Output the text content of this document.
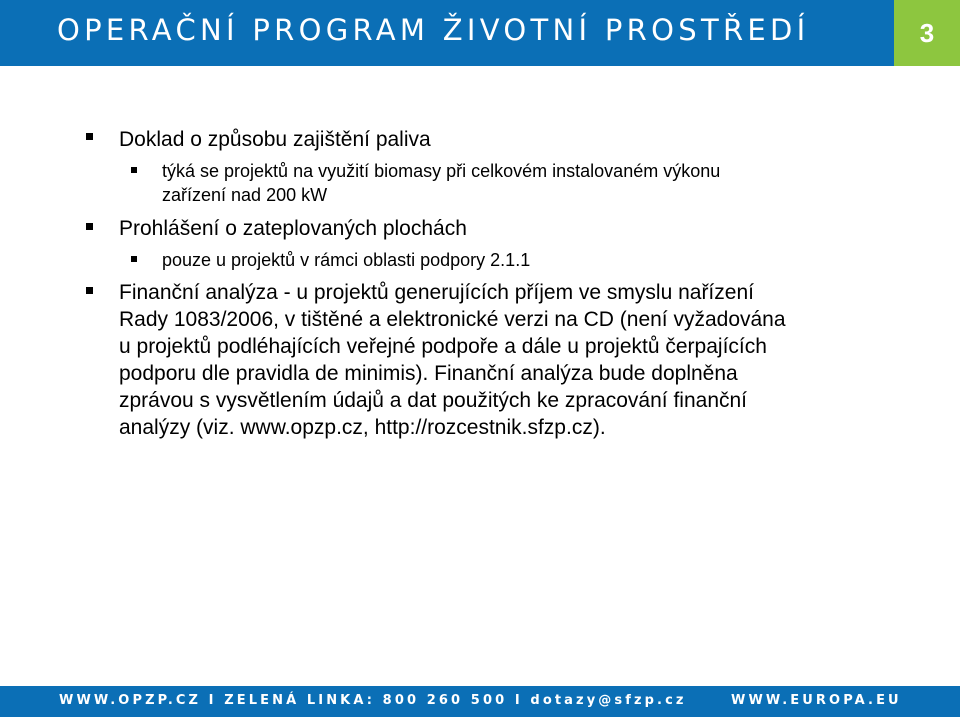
OPERAČNÍ PROGRAM ŽIVOTNÍ PROSTŘEDÍ	3
Doklad o způsobu zajištění paliva
týká se projektů na využití biomasy při celkovém instalovaném výkonu
zařízení nad 200 kW
Prohlášení o zateplovaných plochách
pouze u projektů v rámci oblasti podpory 2.1.1
Finanční analýza - u projektů generujících příjem ve smyslu nařízení
Rady 1083/2006, v tištěné a elektronické verzi na CD (není vyžadována
u projektů podléhajících veřejné podpoře a dále u projektů čerpajících
podporu dle pravidla de minimis). Finanční analýza bude doplněna
zprávou s vysvětlením údajů a dat použitých ke zpracování finanční
analýzy (viz. www.opzp.cz, http://rozcestnik.sfzp.cz).
WWW.OPZP.CZ I ZELENÁ LINKA: 800 260 500 I dotazy@sfzp.cz	WWW.EUROPA.EU
